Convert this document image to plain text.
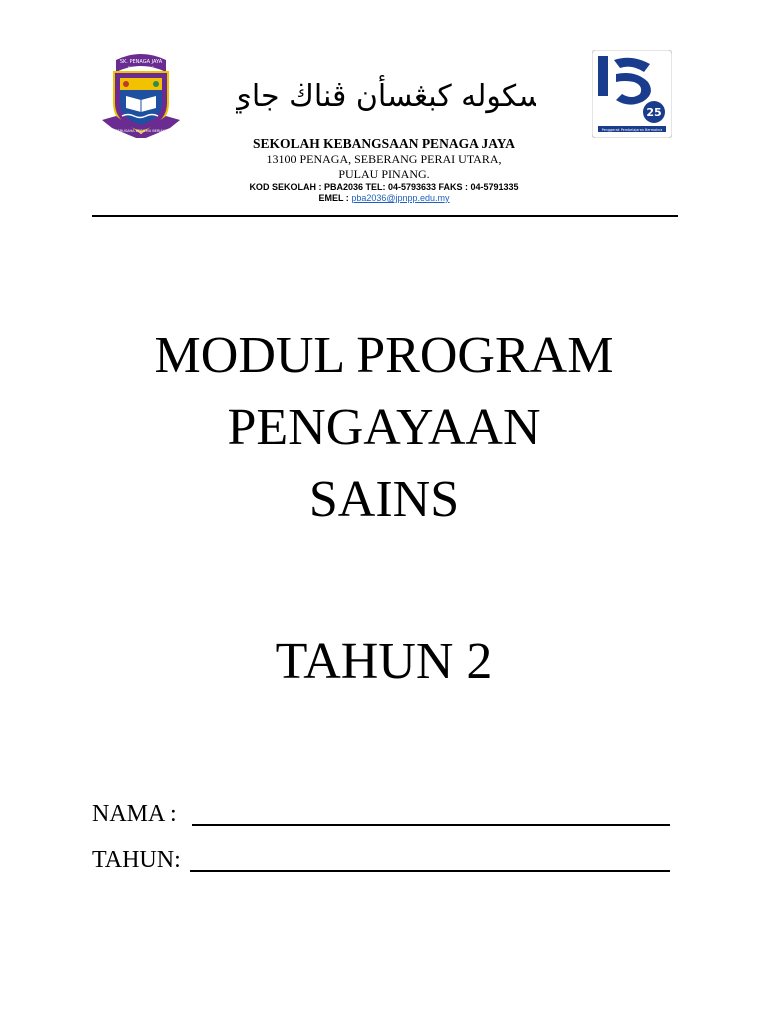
SK. PENAGA JAYA
PULAU PINANG
BERUSAHA BERILMU BERJAYA
سكوله كبڠسأن ڤناڬ جاي	25
Penggerak Pembelajaran Bermakna
SEKOLAH KEBANGSAAN PENAGA JAYA
13100 PENAGA, SEBERANG PERAI UTARA,
PULAU PINANG.
KOD SEKOLAH : PBA2036 TEL: 04-5793633 FAKS : 04-5791335
EMEL : pba2036@jpnpp.edu.my
MODUL PROGRAM
PENGAYAAN
SAINS
TAHUN 2
NAMA :
TAHUN:
